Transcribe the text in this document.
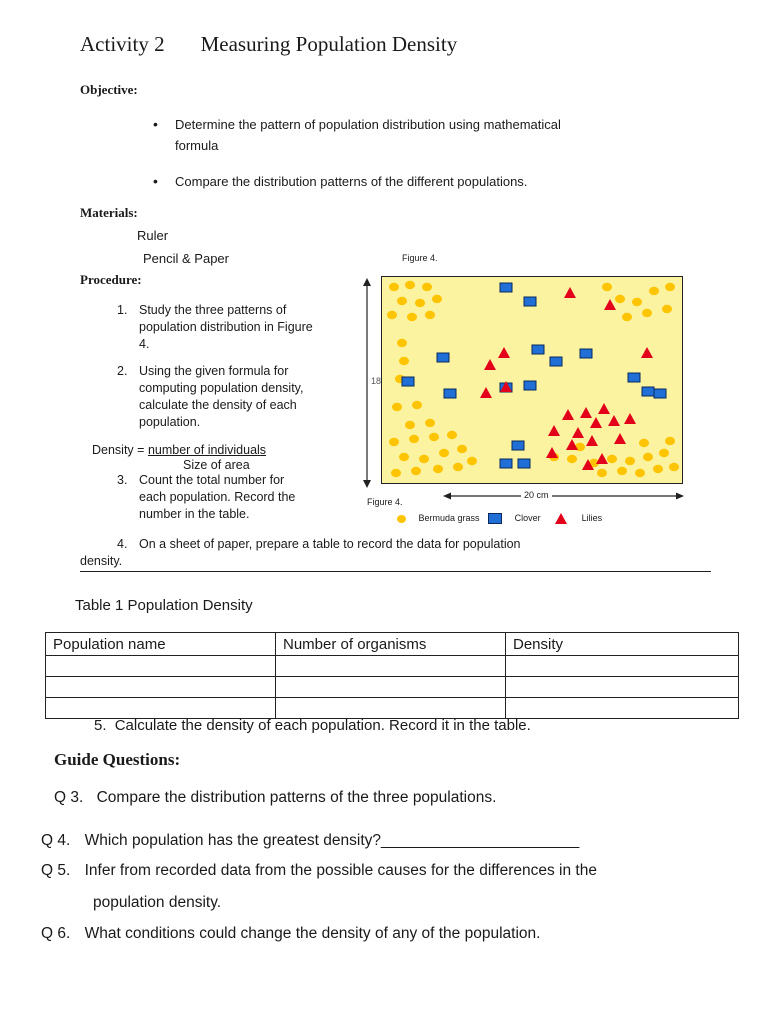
Activity 2 Measuring Population Density
Objective:
• Determine the pattern of population distribution using mathematical
formula
• Compare the distribution patterns of the different populations.
Materials:
Ruler
Pencil & Paper
Procedure:
1. Study the three patterns of
population distribution in Figure
4.
2. Using the given formula for
computing population density,
calculate the density of each
population.
Density = number of individuals
Size of area
3. Count the total number for
each population. Record the
number in the table.
4. On a sheet of paper, prepare a table to record the data for population
density.
Figure 4.
18
Figure 4.
20 cm
Bermuda grass	Clover	Lilies
Table 1 Population Density
Population name	Number of organisms	Density

5. Calculate the density of each population. Record it in the table.
Guide Questions:
Q 3. Compare the distribution patterns of the three populations.
Q 4. Which population has the greatest density?_______________________
Q 5. Infer from recorded data from the possible causes for the differences in the
population density.
Q 6. What conditions could change the density of any of the population.
